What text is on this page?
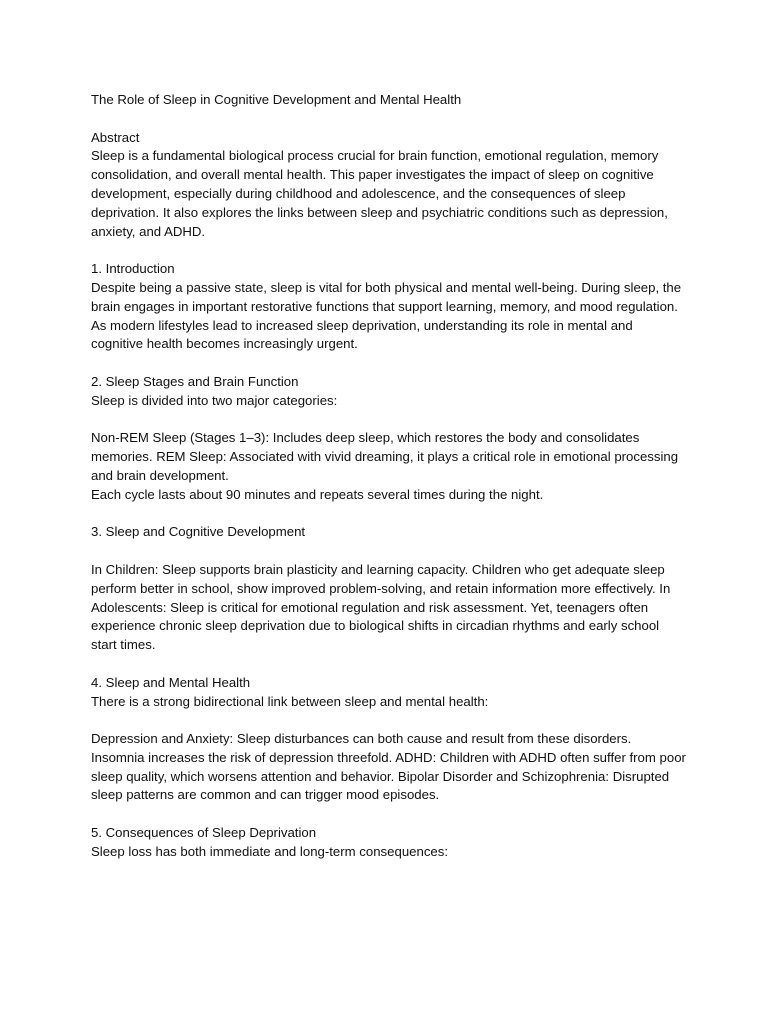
The Role of Sleep in Cognitive Development and Mental Health

Abstract

Sleep is a fundamental biological process crucial for brain function, emotional regulation, memory consolidation, and overall mental health. This paper investigates the impact of sleep on cognitive development, especially during childhood and adolescence, and the consequences of sleep deprivation. It also explores the links between sleep and psychiatric conditions such as depression, anxiety, and ADHD.

1. Introduction

Despite being a passive state, sleep is vital for both physical and mental well-being. During sleep, the brain engages in important restorative functions that support learning, memory, and mood regulation. As modern lifestyles lead to increased sleep deprivation, understanding its role in mental and cognitive health becomes increasingly urgent.

2. Sleep Stages and Brain Function

Sleep is divided into two major categories:

Non-REM Sleep (Stages 1–3): Includes deep sleep, which restores the body and consolidates memories. REM Sleep: Associated with vivid dreaming, it plays a critical role in emotional processing and brain development.
Each cycle lasts about 90 minutes and repeats several times during the night.

3. Sleep and Cognitive Development

In Children: Sleep supports brain plasticity and learning capacity. Children who get adequate sleep perform better in school, show improved problem-solving, and retain information more effectively. In Adolescents: Sleep is critical for emotional regulation and risk assessment. Yet, teenagers often experience chronic sleep deprivation due to biological shifts in circadian rhythms and early school start times.

4. Sleep and Mental Health

There is a strong bidirectional link between sleep and mental health:

Depression and Anxiety: Sleep disturbances can both cause and result from these disorders. Insomnia increases the risk of depression threefold. ADHD: Children with ADHD often suffer from poor sleep quality, which worsens attention and behavior. Bipolar Disorder and Schizophrenia: Disrupted sleep patterns are common and can trigger mood episodes.

5. Consequences of Sleep Deprivation

Sleep loss has both immediate and long-term consequences:
